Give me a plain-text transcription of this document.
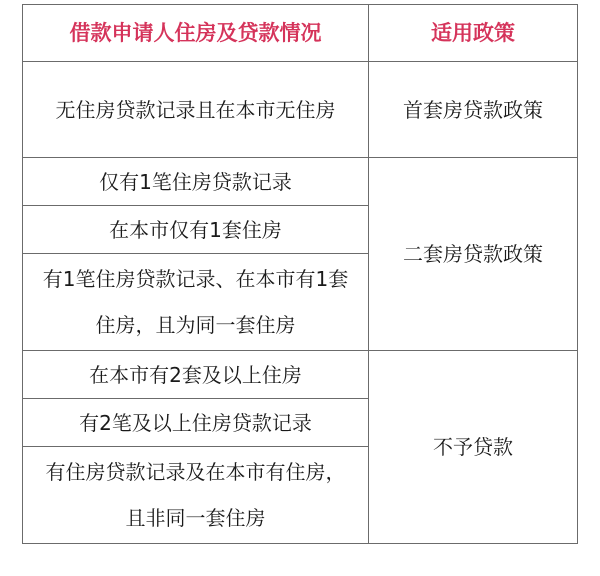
借款申请人住房及贷款情况	适用政策
无住房贷款记录且在本市无住房	首套房贷款政策
仅有1笔住房贷款记录	二套房贷款政策
在本市仅有1套住房	
有1笔住房贷款记录、在本市有1套住房，且为同一套住房	
在本市有2套及以上住房	不予贷款
有2笔及以上住房贷款记录	
有住房贷款记录及在本市有住房，且非同一套住房	
